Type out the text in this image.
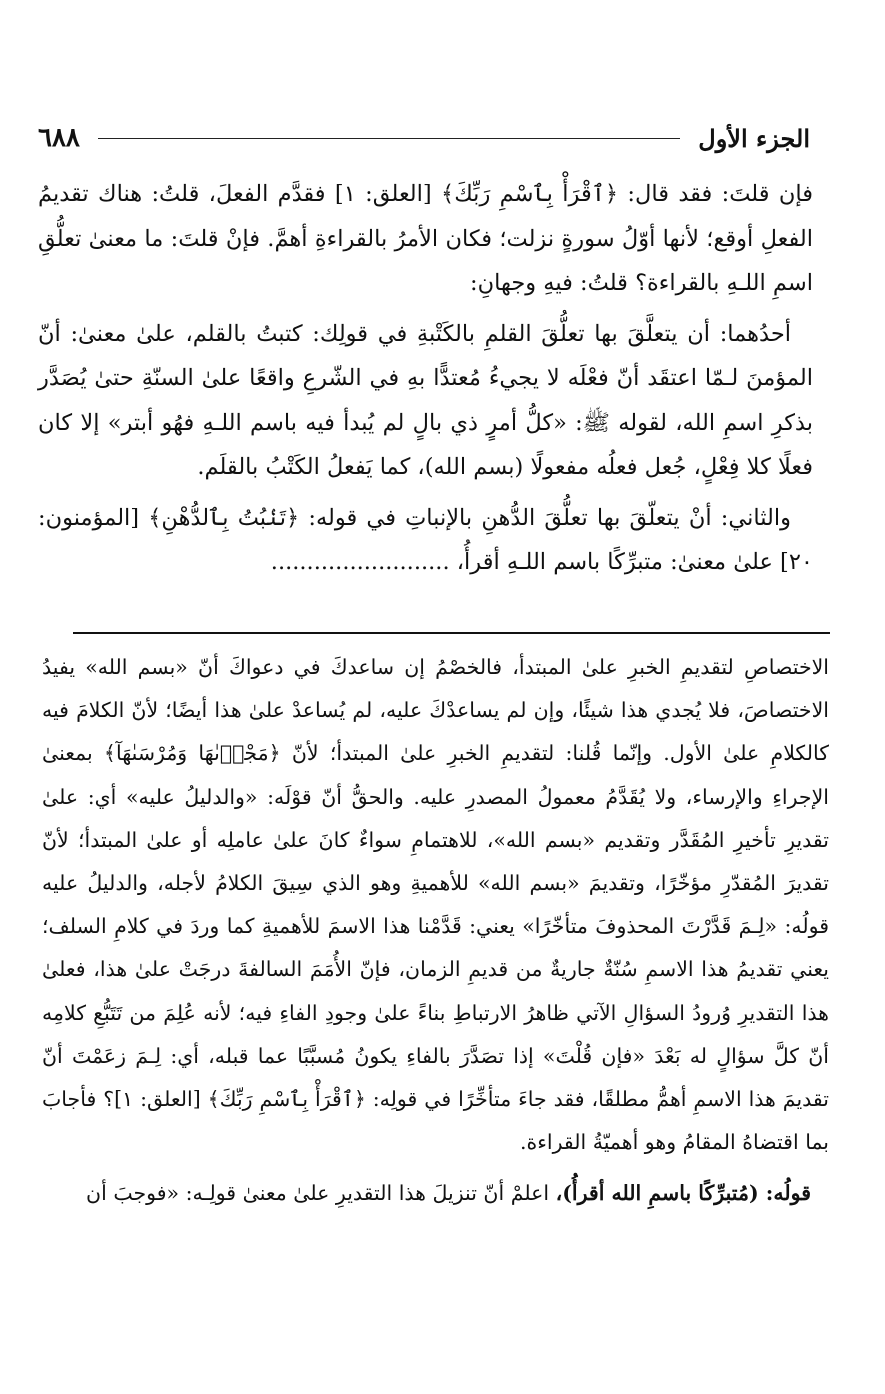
الجزء الأول
٦٨٨

فإن قلتَ: فقد قال: ﴿ٱقْرَأْ بِٱسْمِ رَبِّكَ﴾ [العلق: ١] فقدَّم الفعلَ، قلتُ: هناك تقديمُ الفعلِ أوقع؛ لأنها أوّلُ سورةٍ نزلت؛ فكان الأمرُ بالقراءةِ أهمَّ. فإنْ قلتَ: ما معنىٰ تعلُّقِ اسمِ اللـهِ بالقراءة؟ قلتُ: فيهِ وجهانِ:

أحدُهما: أن يتعلَّقَ بها تعلُّقَ القلمِ بالكَتْبةِ في قولِك: كتبتُ بالقلم، علىٰ معنىٰ: أنّ المؤمنَ لـمّا اعتقَد أنّ فعْلَه لا يجيءُ مُعتدًّا بهِ في الشّرعِ واقعًا علىٰ السنّةِ حتىٰ يُصَدَّر بذكرِ اسمِ الله، لقوله ﷺ: «كلُّ أمرٍ ذي بالٍ لم يُبدأ فيه باسم اللـهِ فهُو أبتر» إلا كان فعلًا كلا فِعْلٍ، جُعل فعلُه مفعولًا (بسم الله)، كما يَفعلُ الكَتْبُ بالقلَم.

والثاني: أنْ يتعلّقَ بها تعلُّقَ الدُّهنِ بالإنباتِ في قوله: ﴿تَنۢبُتُ بِٱلدُّهْنِ﴾ [المؤمنون: ٢٠] علىٰ معنىٰ: متبرِّكًا باسم اللـهِ أقرأُ، .........................

الاختصاصِ لتقديمِ الخبرِ علىٰ المبتدأ، فالخصْمُ إن ساعدكَ في دعواكَ أنّ «بسم الله» يفيدُ الاختصاصَ، فلا يُجدي هذا شيئًا، وإن لم يساعدْكَ عليه، لم يُساعدْ علىٰ هذا أيضًا؛ لأنّ الكلامَ فيه كالكلامِ علىٰ الأول. وإنّما قُلنا: لتقديمِ الخبرِ علىٰ المبتدأ؛ لأنّ ﴿مَجْرٜىٰهَا وَمُرْسَىٰهَآ﴾ بمعنىٰ الإجراءِ والإرساء، ولا يُقَدَّمُ معمولُ المصدرِ عليه. والحقُّ أنّ قوْلَه: «والدليلُ عليه» أي: علىٰ تقديرِ تأخيرِ المُقَدَّر وتقديم «بسم الله»، للاهتمامِ سواءٌ كانَ علىٰ عاملِه أو علىٰ المبتدأ؛ لأنّ تقديرَ المُقدّرِ مؤخّرًا، وتقديمَ «بسم الله» للأهميةِ وهو الذي سِيقَ الكلامُ لأجله، والدليلُ عليه قولُه: «لِـمَ قَدَّرْتَ المحذوفَ متأخّرًا» يعني: قَدَّمْنا هذا الاسمَ للأهميةِ كما وردَ في كلامِ السلف؛ يعني تقديمُ هذا الاسمِ سُنّةٌ جاريةٌ من قديمِ الزمان، فإنّ الأُمَمَ السالفةَ درجَتْ علىٰ هذا، فعلىٰ هذا التقديرِ وُرودُ السؤالِ الآتي ظاهرُ الارتباطِ بناءً علىٰ وجودِ الفاءِ فيه؛ لأنه عُلِمَ من تَتَبُّعِ كلامِه أنّ كلَّ سؤالٍ له بَعْدَ «فإن قُلْتَ» إذا تصَدَّرَ بالفاءِ يكونُ مُسبَّبًا عما قبله، أي: لِـمَ زعَمْتَ أنّ تقديمَ هذا الاسمِ أهمُّ مطلقًا، فقد جاءَ متأخِّرًا في قولِه: ﴿ٱقْرَأْ بِٱسْمِ رَبِّكَ﴾ [العلق: ١]؟ فأجابَ بما اقتضاهُ المقامُ وهو أهميّةُ القراءة.

قولُه: (مُتبرِّكًا باسمِ الله أقرأُ)، اعلمْ أنّ تنزيلَ هذا التقديرِ علىٰ معنىٰ قولِـه: «فوجبَ أن
